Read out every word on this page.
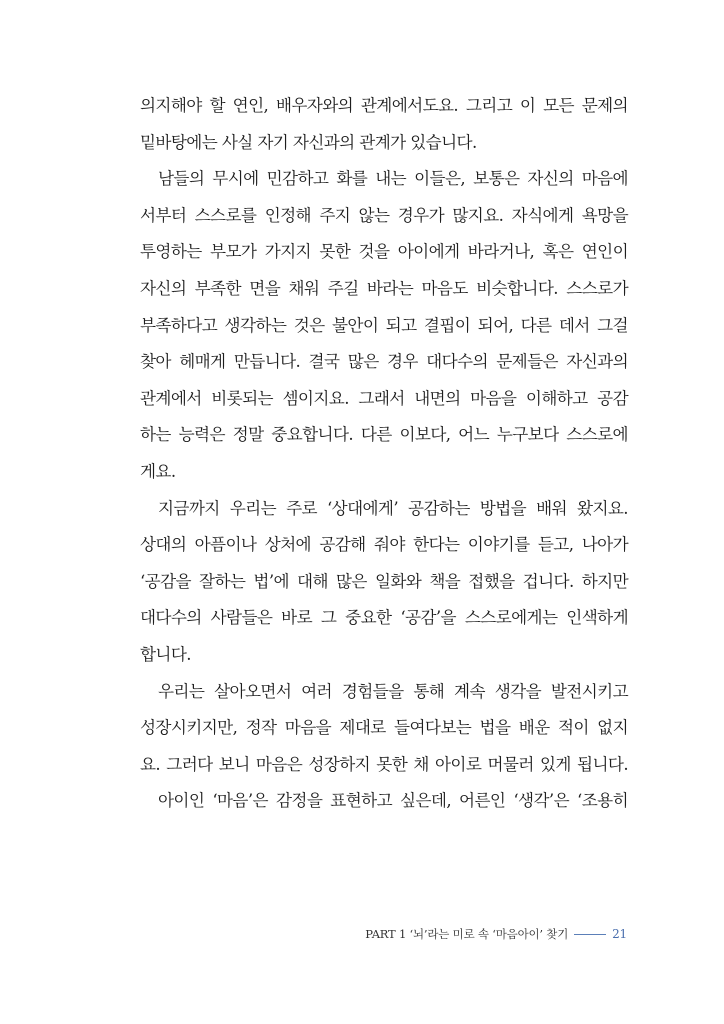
의지해야 할 연인, 배우자와의 관계에서도요. 그리고 이 모든 문제의
밑바탕에는 사실 자기 자신과의 관계가 있습니다.
남들의 무시에 민감하고 화를 내는 이들은, 보통은 자신의 마음에
서부터 스스로를 인정해 주지 않는 경우가 많지요. 자식에게 욕망을
투영하는 부모가 가지지 못한 것을 아이에게 바라거나, 혹은 연인이
자신의 부족한 면을 채워 주길 바라는 마음도 비슷합니다. 스스로가
부족하다고 생각하는 것은 불안이 되고 결핍이 되어, 다른 데서 그걸
찾아 헤매게 만듭니다. 결국 많은 경우 대다수의 문제들은 자신과의
관계에서 비롯되는 셈이지요. 그래서 내면의 마음을 이해하고 공감
하는 능력은 정말 중요합니다. 다른 이보다, 어느 누구보다 스스로에
게요.
지금까지 우리는 주로 ‘상대에게’ 공감하는 방법을 배워 왔지요.
상대의 아픔이나 상처에 공감해 줘야 한다는 이야기를 듣고, 나아가
‘공감을 잘하는 법’에 대해 많은 일화와 책을 접했을 겁니다. 하지만
대다수의 사람들은 바로 그 중요한 ‘공감’을 스스로에게는 인색하게
합니다.
우리는 살아오면서 여러 경험들을 통해 계속 생각을 발전시키고
성장시키지만, 정작 마음을 제대로 들여다보는 법을 배운 적이 없지
요. 그러다 보니 마음은 성장하지 못한 채 아이로 머물러 있게 됩니다.
아이인 ‘마음’은 감정을 표현하고 싶은데, 어른인 ‘생각’은 ‘조용히
PART 1 ‘뇌’라는 미로 속 ‘마음아이’ 찾기	21
